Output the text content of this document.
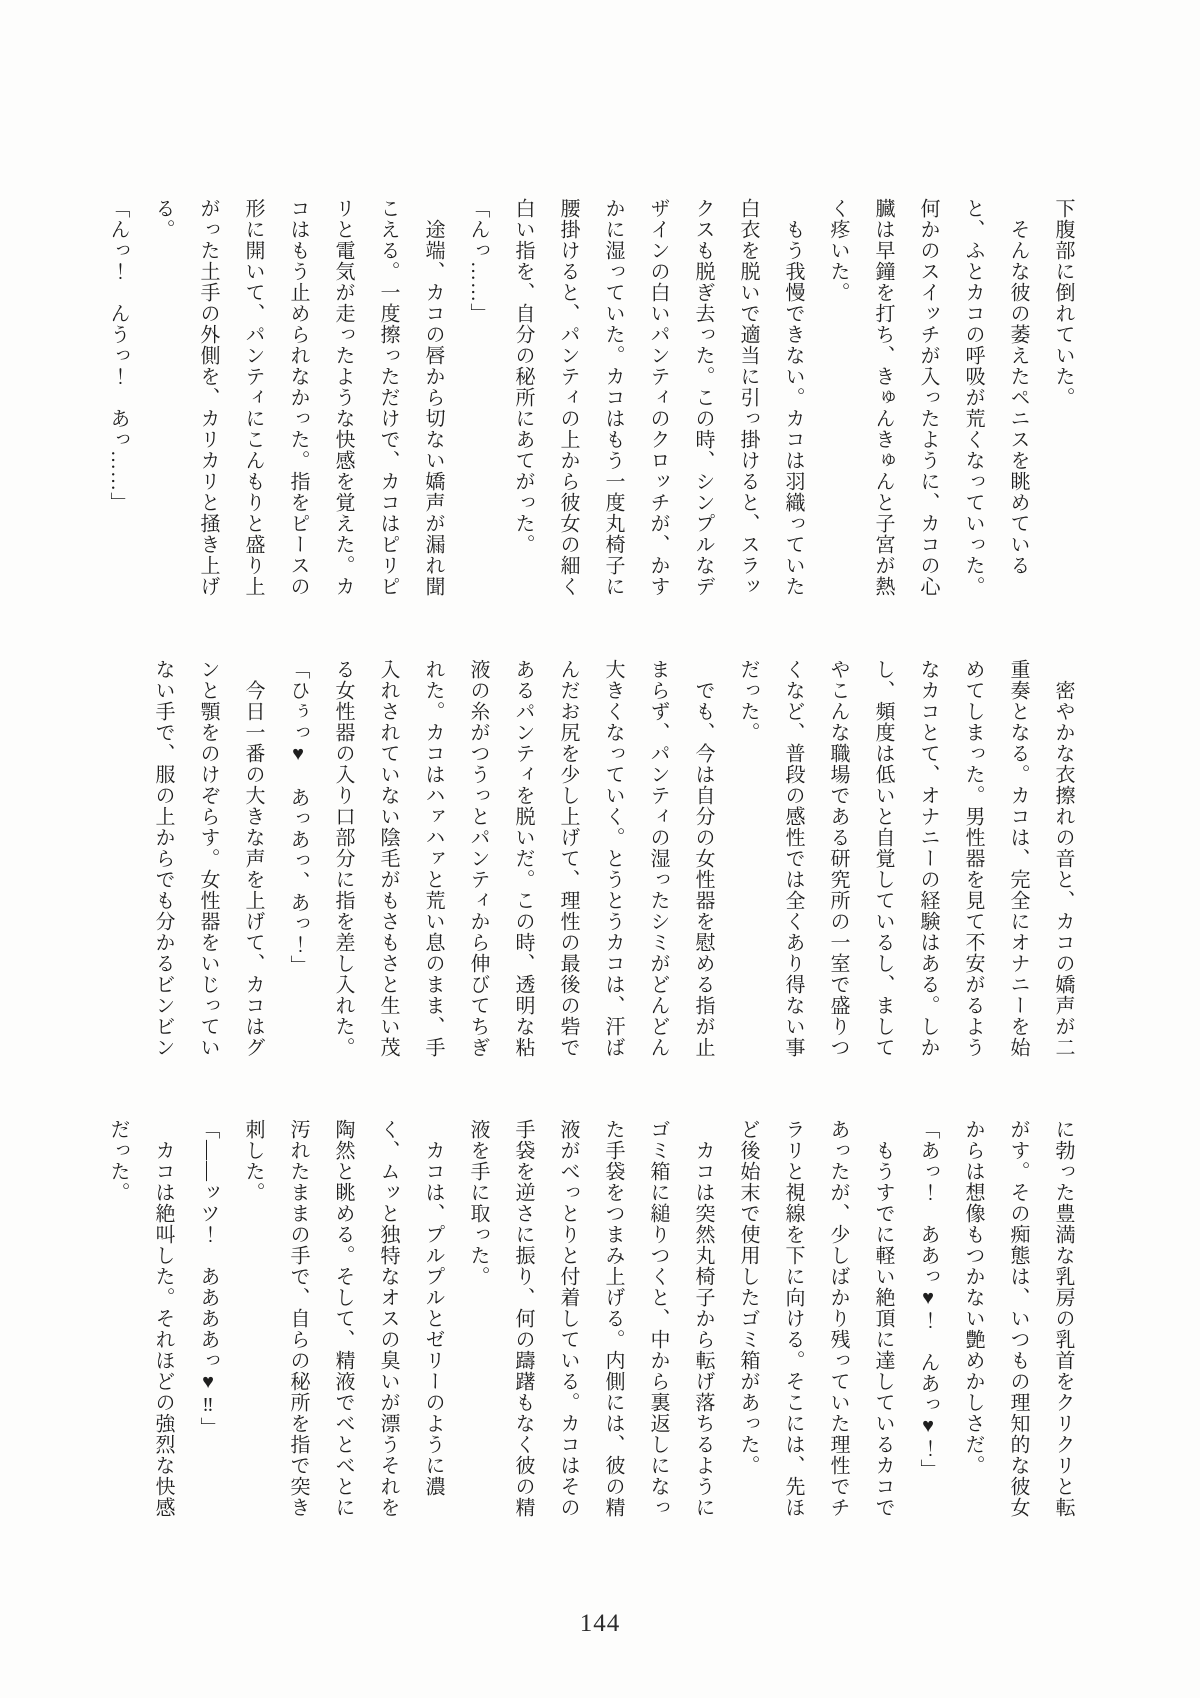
下腹部に倒れていた。

　そんな彼の萎えたペニスを眺めていると、ふとカコの呼吸が荒くなっていった。何かのスイッチが入ったように、カコの心臓は早鐘を打ち、きゅんきゅんと子宮が熱く疼いた。

　もう我慢できない。カコは羽織っていた白衣を脱いで適当に引っ掛けると、スラックスも脱ぎ去った。この時、シンプルなデザインの白いパンティのクロッチが、かすかに湿っていた。カコはもう一度丸椅子に腰掛けると、パンティの上から彼女の細く白い指を、自分の秘所にあてがった。

「んっ……」

　途端、カコの唇から切ない嬌声が漏れ聞こえる。一度擦っただけで、カコはピリピリと電気が走ったような快感を覚えた。カコはもう止められなかった。指をピースの形に開いて、パンティにこんもりと盛り上がった土手の外側を、カリカリと掻き上げる。

「んっ！　んうっ！　あっ……」

　密やかな衣擦れの音と、カコの嬌声が二重奏となる。カコは、完全にオナニーを始めてしまった。男性器を見て不安がるようなカコとて、オナニーの経験はある。しかし、頻度は低いと自覚しているし、ましてやこんな職場である研究所の一室で盛りつくなど、普段の感性では全くあり得ない事だった。

　でも、今は自分の女性器を慰める指が止まらず、パンティの湿ったシミがどんどん大きくなっていく。とうとうカコは、汗ばんだお尻を少し上げて、理性の最後の砦であるパンティを脱いだ。この時、透明な粘液の糸がつうっとパンティから伸びてちぎれた。カコはハァハァと荒い息のまま、手入れされていない陰毛がもさもさと生い茂る女性器の入り口部分に指を差し入れた。

「ひぅっ♥　あっあっ、あっ！」

　今日一番の大きな声を上げて、カコはグンと顎をのけぞらす。女性器をいじっていない手で、服の上からでも分かるビンビン

に勃った豊満な乳房の乳首をクリクリと転がす。その痴態は、いつもの理知的な彼女からは想像もつかない艶めかしさだ。

「あっ！　ああっ♥！　んあっ♥！」

　もうすでに軽い絶頂に達しているカコであったが、少しばかり残っていた理性でチラリと視線を下に向ける。そこには、先ほど後始末で使用したゴミ箱があった。

　カコは突然丸椅子から転げ落ちるようにゴミ箱に縋りつくと、中から裏返しになった手袋をつまみ上げる。内側には、彼の精液がべっとりと付着している。カコはその手袋を逆さに振り、何の躊躇もなく彼の精液を手に取った。

　カコは、プルプルとゼリーのように濃く、ムッと独特なオスの臭いが漂うそれを陶然と眺める。そして、精液でべとべとに汚れたままの手で、自らの秘所を指で突き刺した。

「――ッツ！　ああああっ♥‼」

　カコは絶叫した。それほどの強烈な快感だった。

144
